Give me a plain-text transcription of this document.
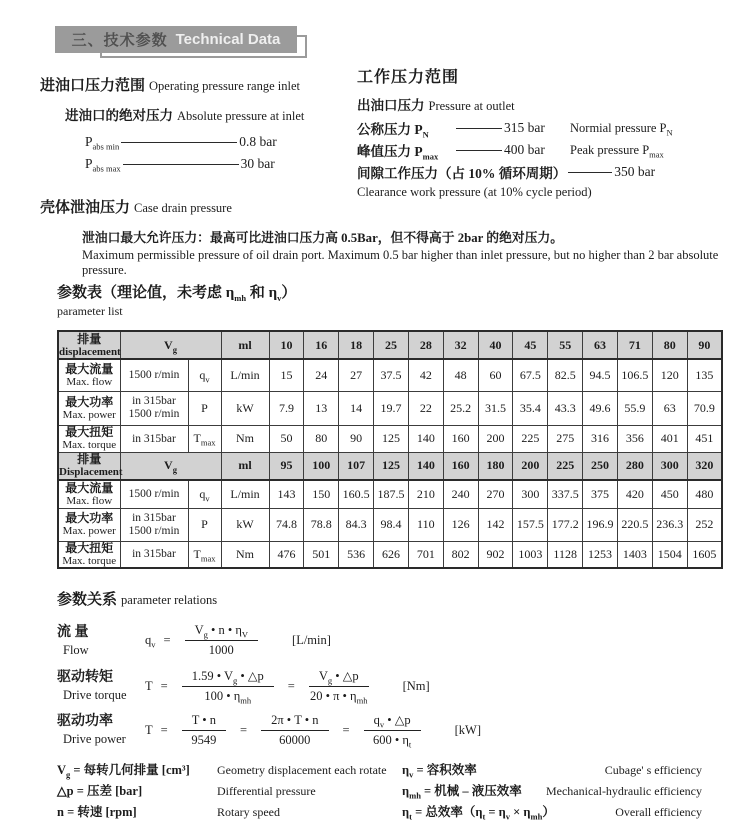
三、技术参数 Technical Data
进油口压力范围 Operating pressure range inlet
进油口的绝对压力 Absolute pressure at inlet
$P_{abs min}$	0.8 bar
$P_{abs max}$	30 bar
工作压力范围
出油口压力 Pressure at outlet
公称压力 $P_N$	315 bar	Normial pressure $P_N$
峰值压力 $P_{max}$	400 bar	Peak pressure $P_{max}$
间隙工作压力（占 10% 循环周期）	350 bar
Clearance work pressure (at 10% cycle period)
壳体泄油压力 Case drain pressure
泄油口最大允许压力：最高可比进油口压力高 0.5Bar，但不得高于 2bar 的绝对压力。
Maximum permissible pressure of oil drain port. Maximum 0.5 bar higher than inlet pressure, but no higher than 2 bar absolute pressure.
参数表（理论值，未考虑 $\eta_{mh}$ 和 $\eta_v$）
parameter list
排量
displacement	$V_g$		ml	10	16	18	25	28	32	40	45	55	63	71	80	90

最大流量
Max. flow	1500 r/min	$q_v$	L/min	15	24	27	37.5	42	48	60	67.5	82.5	94.5	106.5	120	135

最大功率
Max. power

in 315bar
1500 r/min	P	kW	7.9	13	14	19.7	22	25.2	31.5	35.4	43.3	49.6	55.9	63	70.9

最大扭矩
Max. torque	in 315bar	$T_{max}$	Nm	50	80	90	125	140	160	200	225	275	316	356	401	451

排量
Displacement	$V_g$		ml	95	100	107	125	140	160	180	200	225	250	280	300	320

最大流量
Max. flow	1500 r/min	$q_v$	L/min	143	150	160.5	187.5	210	240	270	300	337.5	375	420	450	480

最大功率
Max. power

in 315bar
1500 r/min	P	kW	74.8	78.8	84.3	98.4	110	126	142	157.5	177.2	196.9	220.5	236.3	252

最大扭矩
Max. torque	in 315bar	$T_{max}$	Nm	476	501	536	626	701	802	902	1003	1128	1253	1403	1504	1605
参数关系 parameter relations
流 量
Flow
$q_v = \frac{V_g • n • \eta_V}{1000}$	[L/min]
驱动转矩
Drive torque
$T = \frac{1.59 • V_g • \triangle p}{100 • \eta_{mh}} = \frac{V_g • \triangle p}{20 • \pi • \eta_{mh}}$	[Nm]
驱动功率
Drive power
$T = \frac{T • n}{9549} = \frac{2\pi • T • n}{60000} = \frac{q_v • \triangle p}{600 • \eta_t}$	[kW]
$V_g$ = 每转几何排量 [cm³]	Geometry displacement each rotate
△p = 压差 [bar]	Differential pressure
n = 转速 [rpm]	Rotary speed
$\eta_v$ = 容积效率	Cubage' s efficiency
$\eta_{mh}$ = 机械 – 液压效率 Mechanical-hydraulic efficiency
$\eta_t$ = 总效率$(\eta_t = \eta_v \times \eta_{mh})$	Overall efficiency
